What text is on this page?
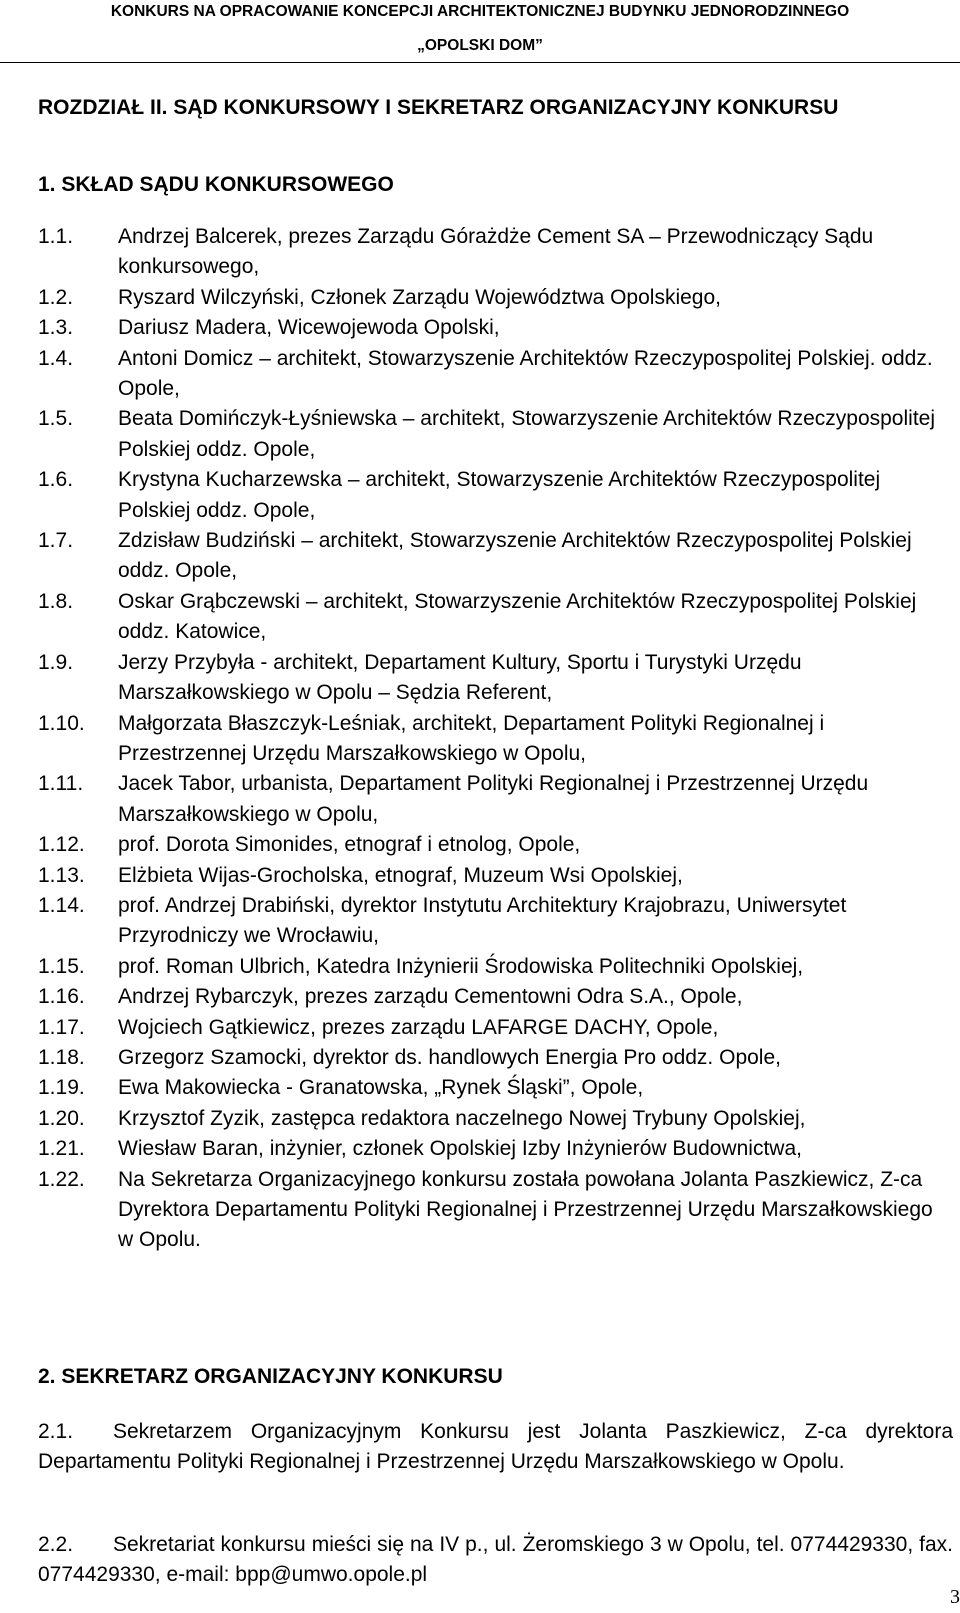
KONKURS NA OPRACOWANIE KONCEPCJI ARCHITEKTONICZNEJ BUDYNKU JEDNORODZINNEGO
„OPOLSKI DOM”
ROZDZIAŁ II. SĄD KONKURSOWY I SEKRETARZ ORGANIZACYJNY KONKURSU
1. SKŁAD SĄDU KONKURSOWEGO
1.1.	Andrzej Balcerek, prezes Zarządu Górażdże Cement SA – Przewodniczący Sądu konkursowego,
1.2.	Ryszard Wilczyński, Członek Zarządu Województwa Opolskiego,
1.3.	Dariusz Madera, Wicewojewoda Opolski,
1.4.	Antoni Domicz – architekt, Stowarzyszenie Architektów Rzeczypospolitej Polskiej. oddz. Opole,
1.5.	Beata Domińczyk-Łyśniewska – architekt, Stowarzyszenie Architektów Rzeczypospolitej Polskiej oddz. Opole,
1.6.	Krystyna Kucharzewska – architekt, Stowarzyszenie Architektów Rzeczypospolitej Polskiej oddz. Opole,
1.7.	Zdzisław Budziński – architekt, Stowarzyszenie Architektów Rzeczypospolitej Polskiej oddz. Opole,
1.8.	Oskar Grąbczewski – architekt, Stowarzyszenie Architektów Rzeczypospolitej Polskiej oddz. Katowice,
1.9.	Jerzy Przybyła - architekt, Departament Kultury, Sportu i Turystyki Urzędu Marszałkowskiego w Opolu – Sędzia Referent,
1.10.	Małgorzata Błaszczyk-Leśniak, architekt, Departament Polityki Regionalnej i Przestrzennej Urzędu Marszałkowskiego w Opolu,
1.11.	Jacek Tabor, urbanista, Departament Polityki Regionalnej i Przestrzennej Urzędu Marszałkowskiego w Opolu,
1.12.	prof. Dorota Simonides, etnograf i etnolog, Opole,
1.13.	Elżbieta Wijas-Grocholska, etnograf, Muzeum Wsi Opolskiej,
1.14.	prof. Andrzej Drabiński, dyrektor Instytutu Architektury Krajobrazu, Uniwersytet Przyrodniczy we Wrocławiu,
1.15.	prof. Roman Ulbrich, Katedra Inżynierii Środowiska Politechniki Opolskiej,
1.16.	Andrzej Rybarczyk, prezes zarządu Cementowni Odra S.A., Opole,
1.17.	Wojciech Gątkiewicz, prezes zarządu LAFARGE DACHY, Opole,
1.18.	Grzegorz Szamocki, dyrektor ds. handlowych Energia Pro oddz. Opole,
1.19.	Ewa Makowiecka - Granatowska, „Rynek Śląski”, Opole,
1.20.	Krzysztof Zyzik, zastępca redaktora naczelnego Nowej Trybuny Opolskiej,
1.21.	Wiesław Baran, inżynier, członek Opolskiej Izby Inżynierów Budownictwa,
1.22.	Na Sekretarza Organizacyjnego konkursu została powołana Jolanta Paszkiewicz, Z-ca Dyrektora Departamentu Polityki Regionalnej i Przestrzennej Urzędu Marszałkowskiego w Opolu.
2. SEKRETARZ ORGANIZACYJNY KONKURSU
2.1. Sekretarzem Organizacyjnym Konkursu jest Jolanta Paszkiewicz, Z-ca dyrektora Departamentu Polityki Regionalnej i Przestrzennej Urzędu Marszałkowskiego w Opolu.
2.2. Sekretariat konkursu mieści się na IV p., ul. Żeromskiego 3 w Opolu, tel. 0774429330, fax. 0774429330, e-mail: bpp@umwo.opole.pl
3
